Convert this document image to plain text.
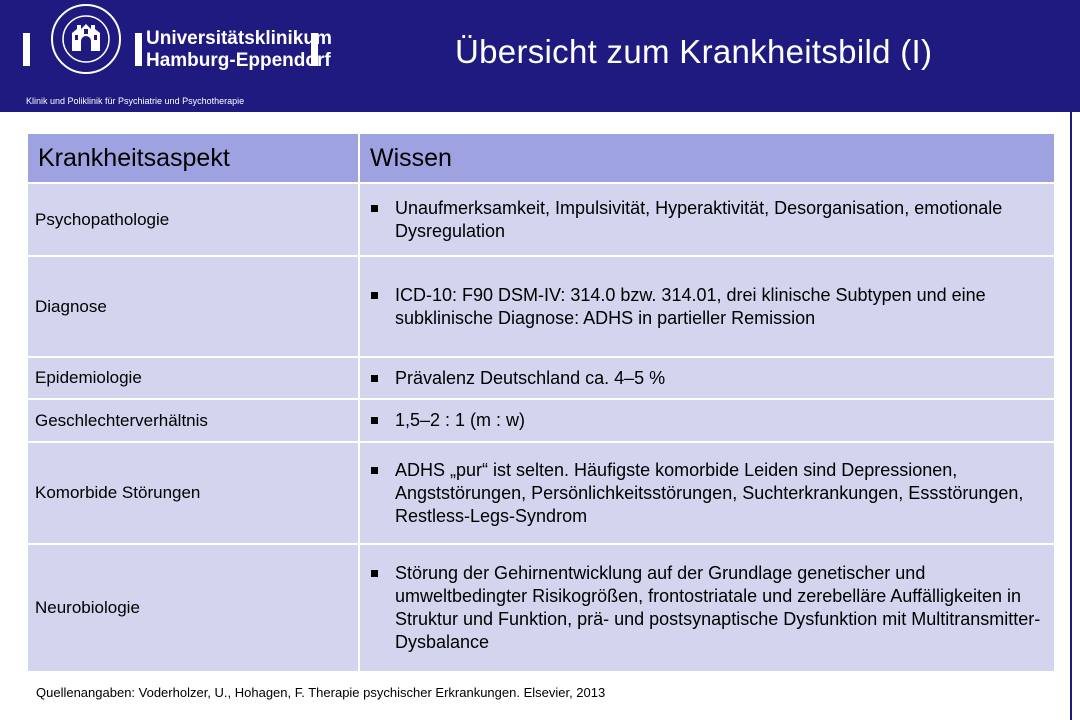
Universitätsklinikum
Hamburg-Eppendorf
Klinik und Poliklinik für Psychiatrie und Psychotherapie
Übersicht zum Krankheitsbild (I)
Krankheitsaspekt	Wissen
Psychopathologie	Unaufmerksamkeit, Impulsivität, Hyperaktivität, Desorganisation, emotionale Dysregulation

Diagnose	ICD-10: F90 DSM-IV: 314.0 bzw. 314.01, drei klinische Subtypen und eine subklinische Diagnose: ADHS in partieller Remission

Epidemiologie	Prävalenz Deutschland ca. 4–5 %

Geschlechterverhältnis	1,5–2 : 1 (m : w)

Komorbide Störungen	ADHS „pur“ ist selten. Häufigste komorbide Leiden sind Depressionen, Angststörungen, Persönlichkeitsstörungen, Suchterkrankungen, Essstörungen, Restless-Legs-Syndrom

Neurobiologie	Störung der Gehirnentwicklung auf der Grundlage genetischer und umweltbedingter Risikogrößen, frontostriatale und zerebelläre Auffälligkeiten in Struktur und Funktion, prä- und postsynaptische Dysfunktion mit Multitransmitter-Dysbalance
Quellenangaben: Voderholzer, U., Hohagen, F. Therapie psychischer Erkrankungen. Elsevier, 2013
